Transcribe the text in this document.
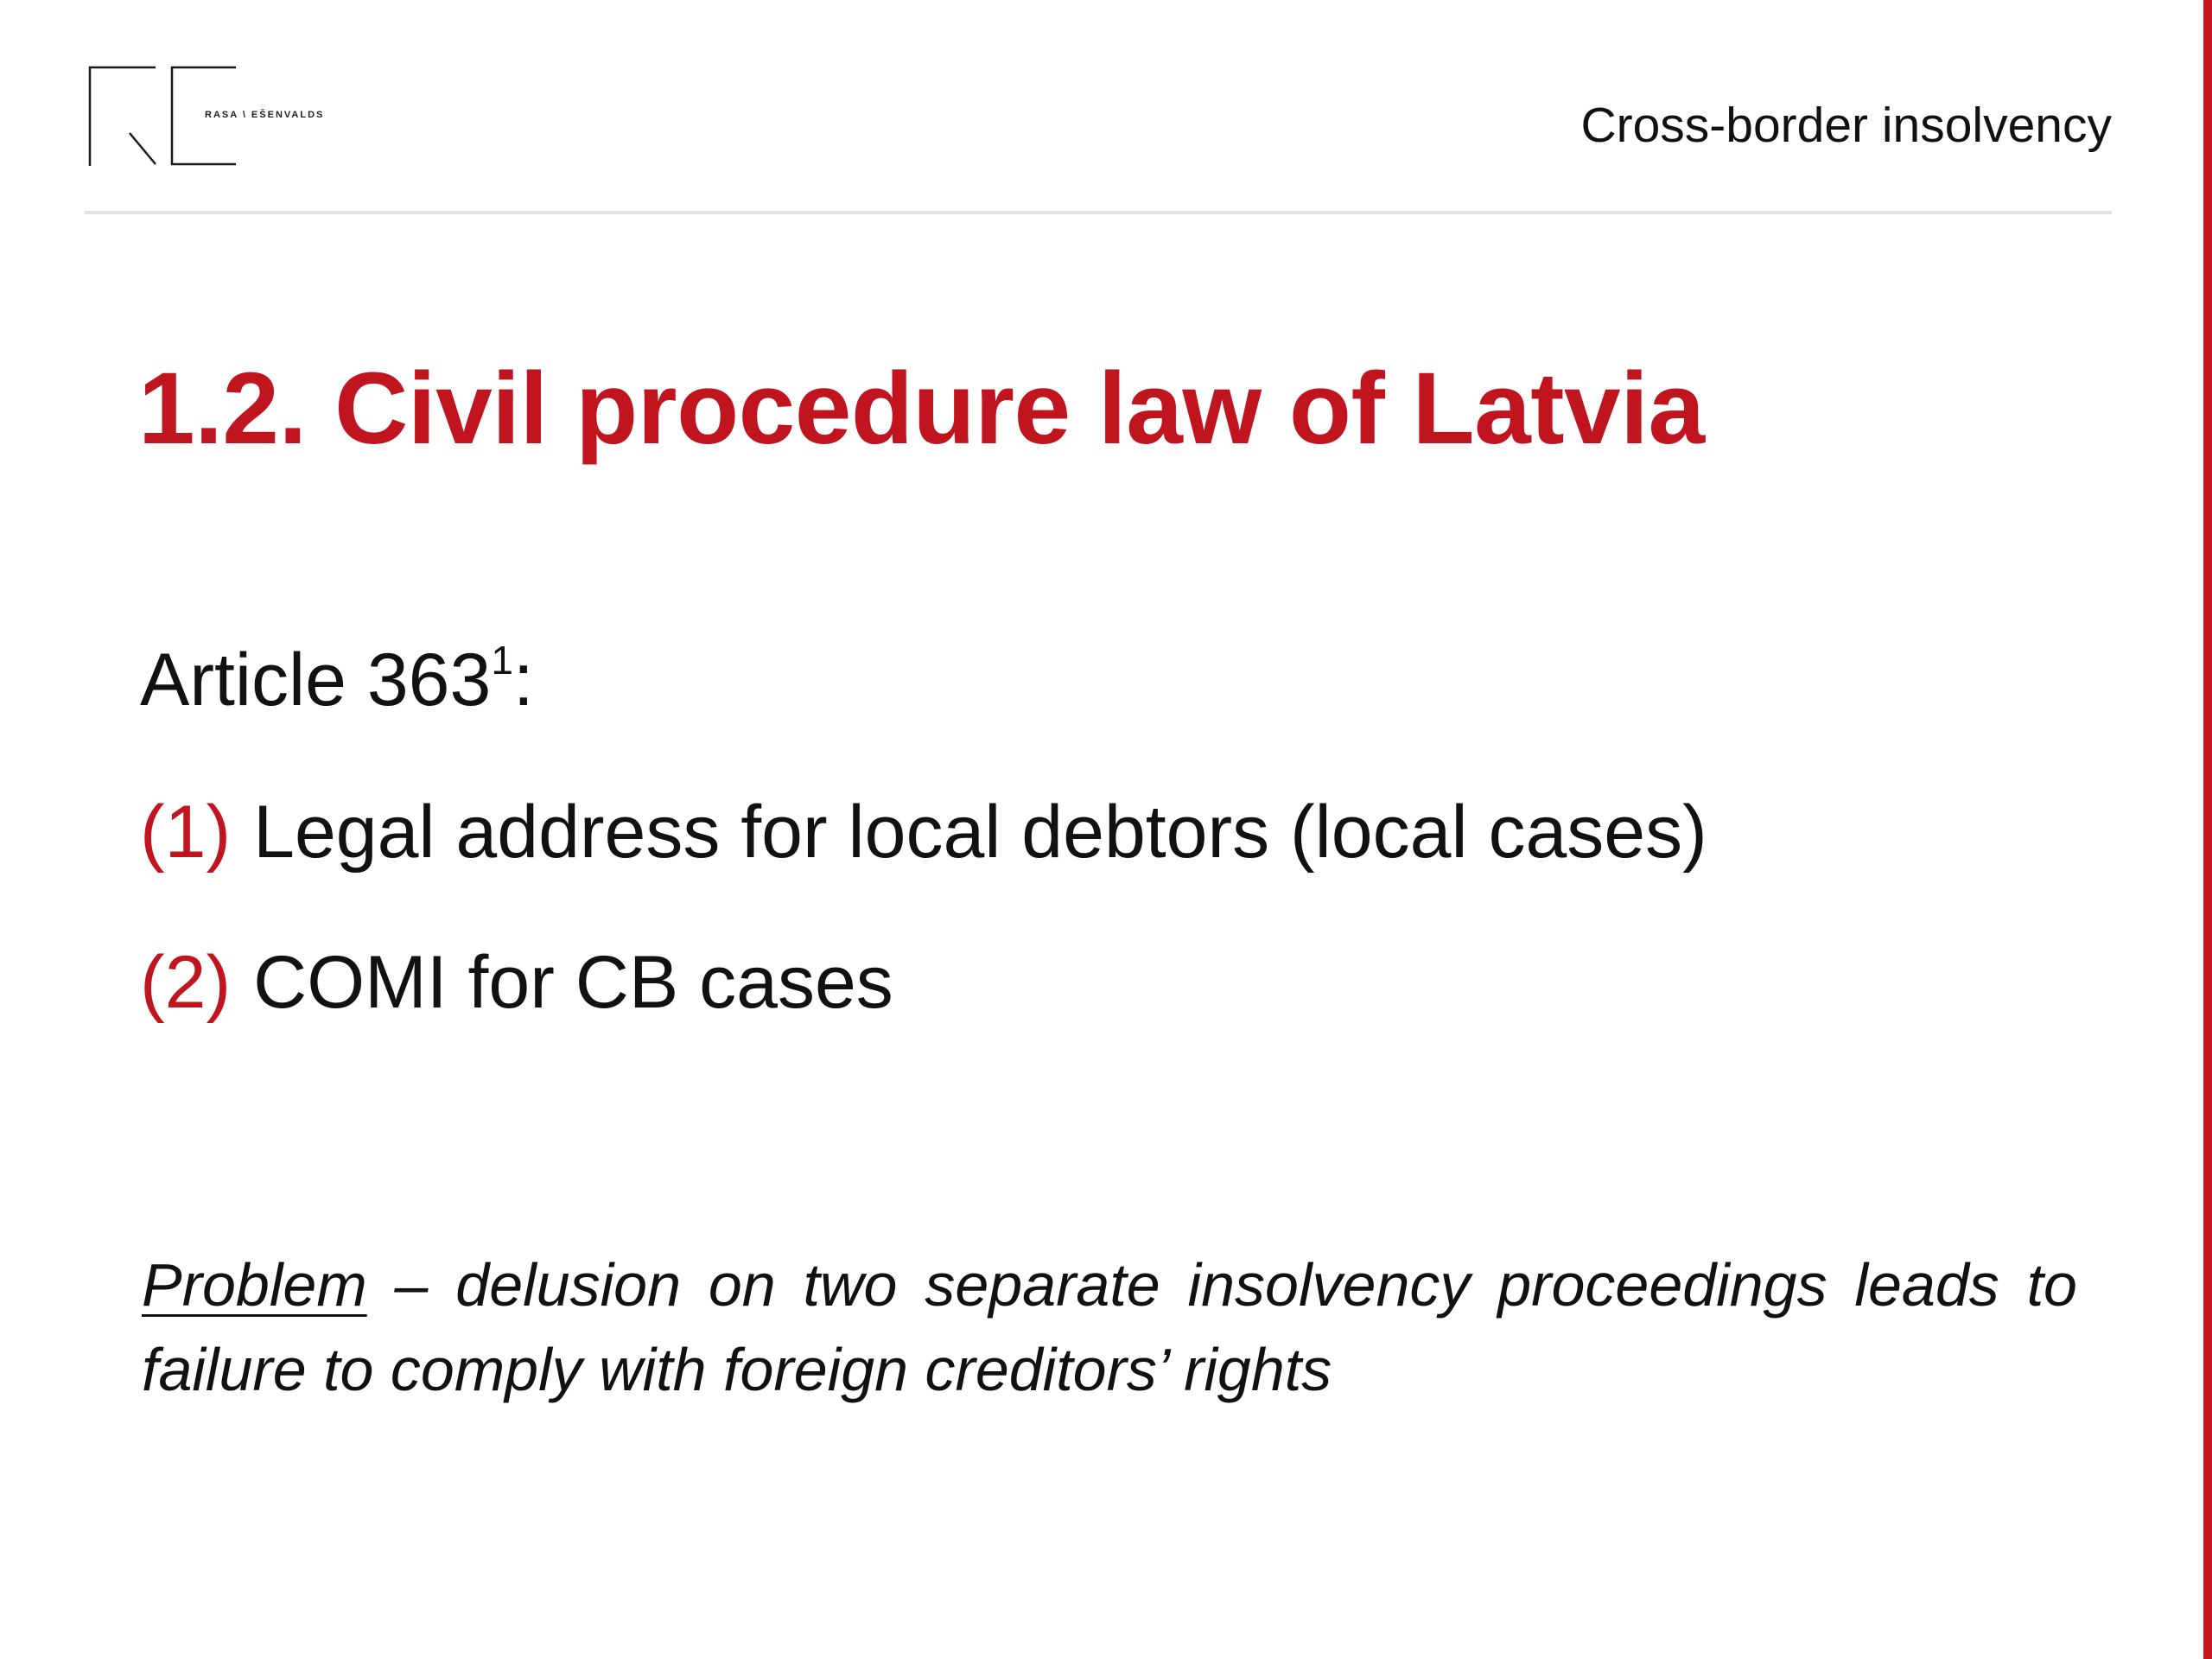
RASA \ EŠENVALDS	Cross-border insolvency
1.2. Civil procedure law of Latvia
Article $363^1$:
(1) Legal address for local debtors (local cases)
(2) COMI for CB cases
Problem – delusion on two separate insolvency proceedings leads to failure to comply with foreign creditors’ rights
